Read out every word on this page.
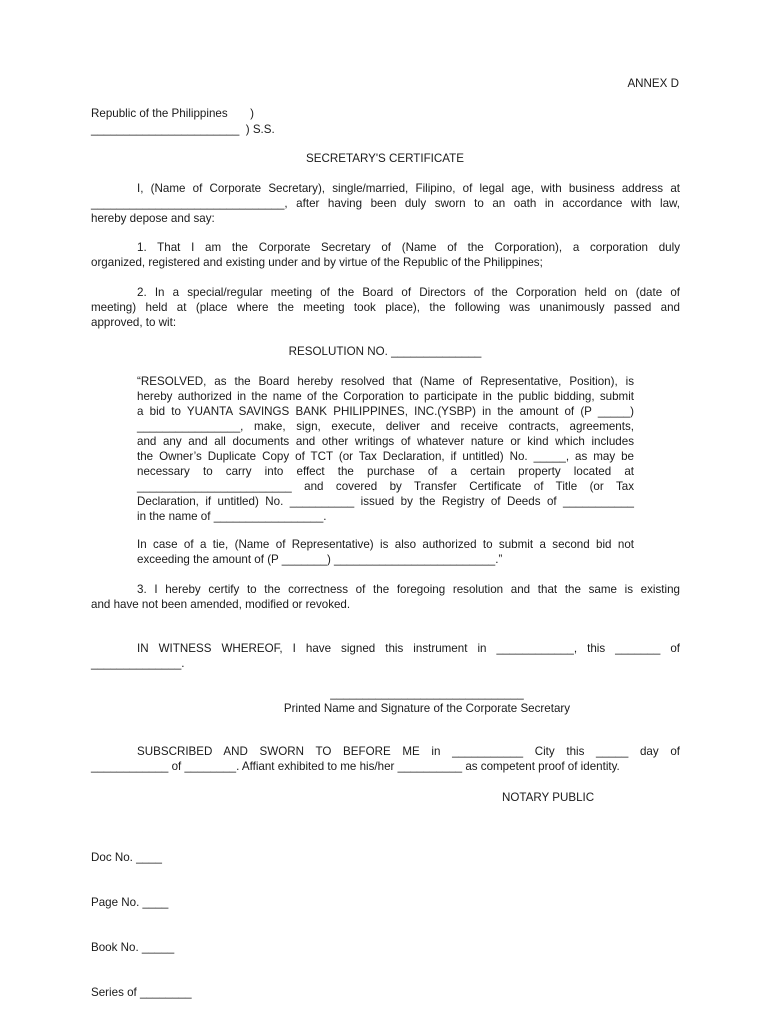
ANNEX D

Republic of the Philippines       )

_______________________  ) S.S.

SECRETARY'S CERTIFICATE

I, (Name of Corporate Secretary), single/married, Filipino, of legal age, with business address at
______________________________, after having been duly sworn to an oath in accordance with law,
hereby depose and say:
1. That I am the Corporate Secretary of (Name of the Corporation), a corporation duly
organized, registered and existing under and by virtue of the Republic of the Philippines;
2. In a special/regular meeting of the Board of Directors of the Corporation held on (date of
meeting) held at (place where the meeting took place), the following was unanimously passed and
approved, to wit:

RESOLUTION NO. ______________

“RESOLVED, as the Board hereby resolved that (Name of Representative, Position), is
hereby authorized in the name of the Corporation to participate in the public bidding, submit
a bid to YUANTA SAVINGS BANK PHILIPPINES, INC.(YSBP) in the amount of (P _____)
________________, make, sign, execute, deliver and receive contracts, agreements,
and any and all documents and other writings of whatever nature or kind which includes
the Owner’s Duplicate Copy of TCT (or Tax Declaration, if untitled) No. _____, as may be
necessary to carry into effect the purchase of a certain property located at
________________________ and covered by Transfer Certificate of Title (or Tax
Declaration, if untitled) No. __________ issued by the Registry of Deeds of ___________
in the name of _________________.
In case of a tie, (Name of Representative) is also authorized to submit a second bid not
exceeding the amount of (P _______) _________________________.”
3. I hereby certify to the correctness of the foregoing resolution and that the same is existing
and have not been amended, modified or revoked.
IN WITNESS WHEREOF, I have signed this instrument in ____________, this _______ of
______________.

______________________________

Printed Name and Signature of the Corporate Secretary

SUBSCRIBED AND SWORN TO BEFORE ME in ___________ City this _____ day of
____________ of ________. Affiant exhibited to me his/her __________ as competent proof of identity.

NOTARY PUBLIC

Doc No. ____

Page No. ____

Book No. _____

Series of ________
